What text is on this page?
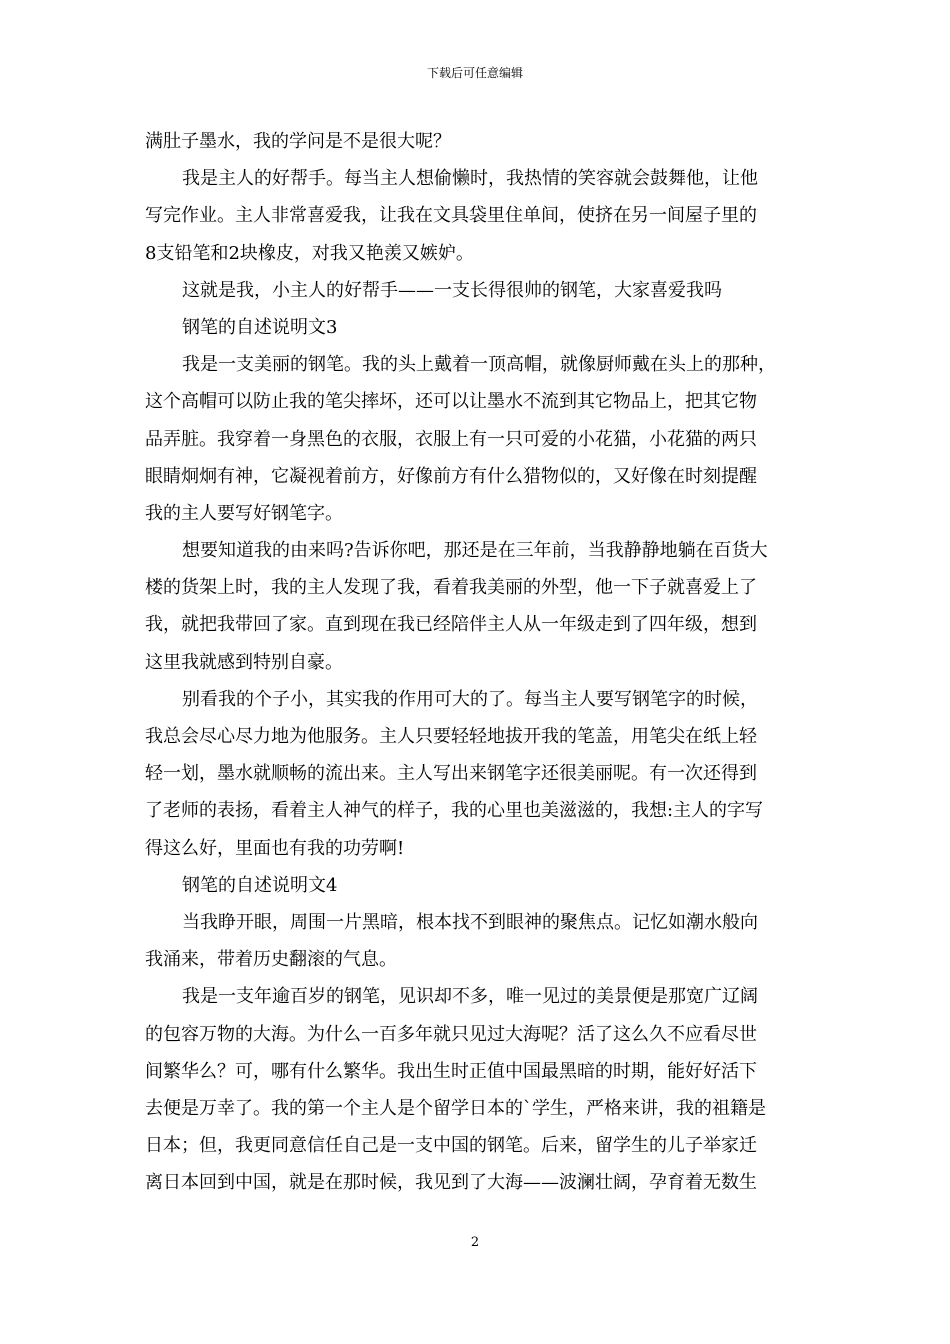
下载后可任意编辑
满肚子墨水，我的学问是不是很大呢？
我是主人的好帮手。每当主人想偷懒时，我热情的笑容就会鼓舞他，让他
写完作业。主人非常喜爱我，让我在文具袋里住单间，使挤在另一间屋子里的
8支铅笔和2块橡皮，对我又艳羡又嫉妒。
这就是我，小主人的好帮手——一支长得很帅的钢笔，大家喜爱我吗
钢笔的自述说明文3
我是一支美丽的钢笔。我的头上戴着一顶高帽，就像厨师戴在头上的那种，
这个高帽可以防止我的笔尖摔坏，还可以让墨水不流到其它物品上，把其它物
品弄脏。我穿着一身黑色的衣服，衣服上有一只可爱的小花猫，小花猫的两只
眼睛炯炯有神，它凝视着前方，好像前方有什么猎物似的，又好像在时刻提醒
我的主人要写好钢笔字。
想要知道我的由来吗?告诉你吧，那还是在三年前，当我静静地躺在百货大
楼的货架上时，我的主人发现了我，看着我美丽的外型，他一下子就喜爱上了
我，就把我带回了家。直到现在我已经陪伴主人从一年级走到了四年级，想到
这里我就感到特别自豪。
别看我的个子小，其实我的作用可大的了。每当主人要写钢笔字的时候，
我总会尽心尽力地为他服务。主人只要轻轻地拔开我的笔盖，用笔尖在纸上轻
轻一划，墨水就顺畅的流出来。主人写出来钢笔字还很美丽呢。有一次还得到
了老师的表扬，看着主人神气的样子，我的心里也美滋滋的，我想:主人的字写
得这么好，里面也有我的功劳啊!
钢笔的自述说明文4
当我睁开眼，周围一片黑暗，根本找不到眼神的聚焦点。记忆如潮水般向
我涌来，带着历史翻滚的气息。
我是一支年逾百岁的钢笔，见识却不多，唯一见过的美景便是那宽广辽阔
的包容万物的大海。为什么一百多年就只见过大海呢？活了这么久不应看尽世
间繁华么？可，哪有什么繁华。我出生时正值中国最黑暗的时期，能好好活下
去便是万幸了。我的第一个主人是个留学日本的`学生，严格来讲，我的祖籍是
日本；但，我更同意信任自己是一支中国的钢笔。后来，留学生的儿子举家迁
离日本回到中国，就是在那时候，我见到了大海——波澜壮阔，孕育着无数生
2
